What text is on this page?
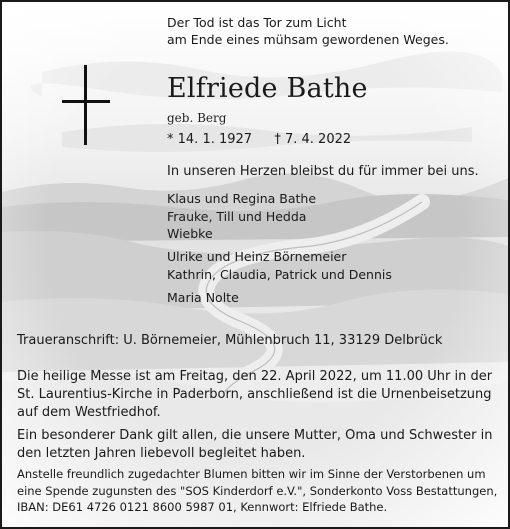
Der Tod ist das Tor zum Licht
am Ende eines mühsam gewordenen Weges.
Elfriede Bathe
geb. Berg
* 14. 1. 1927 † 7. 4. 2022
In unseren Herzen bleibst du für immer bei uns.
Klaus und Regina Bathe
Frauke, Till und Hedda
Wiebke
Ulrike und Heinz Börnemeier
Kathrin, Claudia, Patrick und Dennis
Maria Nolte
Traueranschrift: U. Börnemeier, Mühlenbruch 11, 33129 Delbrück
Die heilige Messe ist am Freitag, den 22. April 2022, um 11.00 Uhr in der
St. Laurentius-Kirche in Paderborn, anschließend ist die Urnenbeisetzung
auf dem Westfriedhof.
Ein besonderer Dank gilt allen, die unsere Mutter, Oma und Schwester in
den letzten Jahren liebevoll begleitet haben.
Anstelle freundlich zugedachter Blumen bitten wir im Sinne der Verstorbenen um
eine Spende zugunsten des "SOS Kinderdorf e.V.", Sonderkonto Voss Bestattungen,
IBAN: DE61 4726 0121 8600 5987 01, Kennwort: Elfriede Bathe.
